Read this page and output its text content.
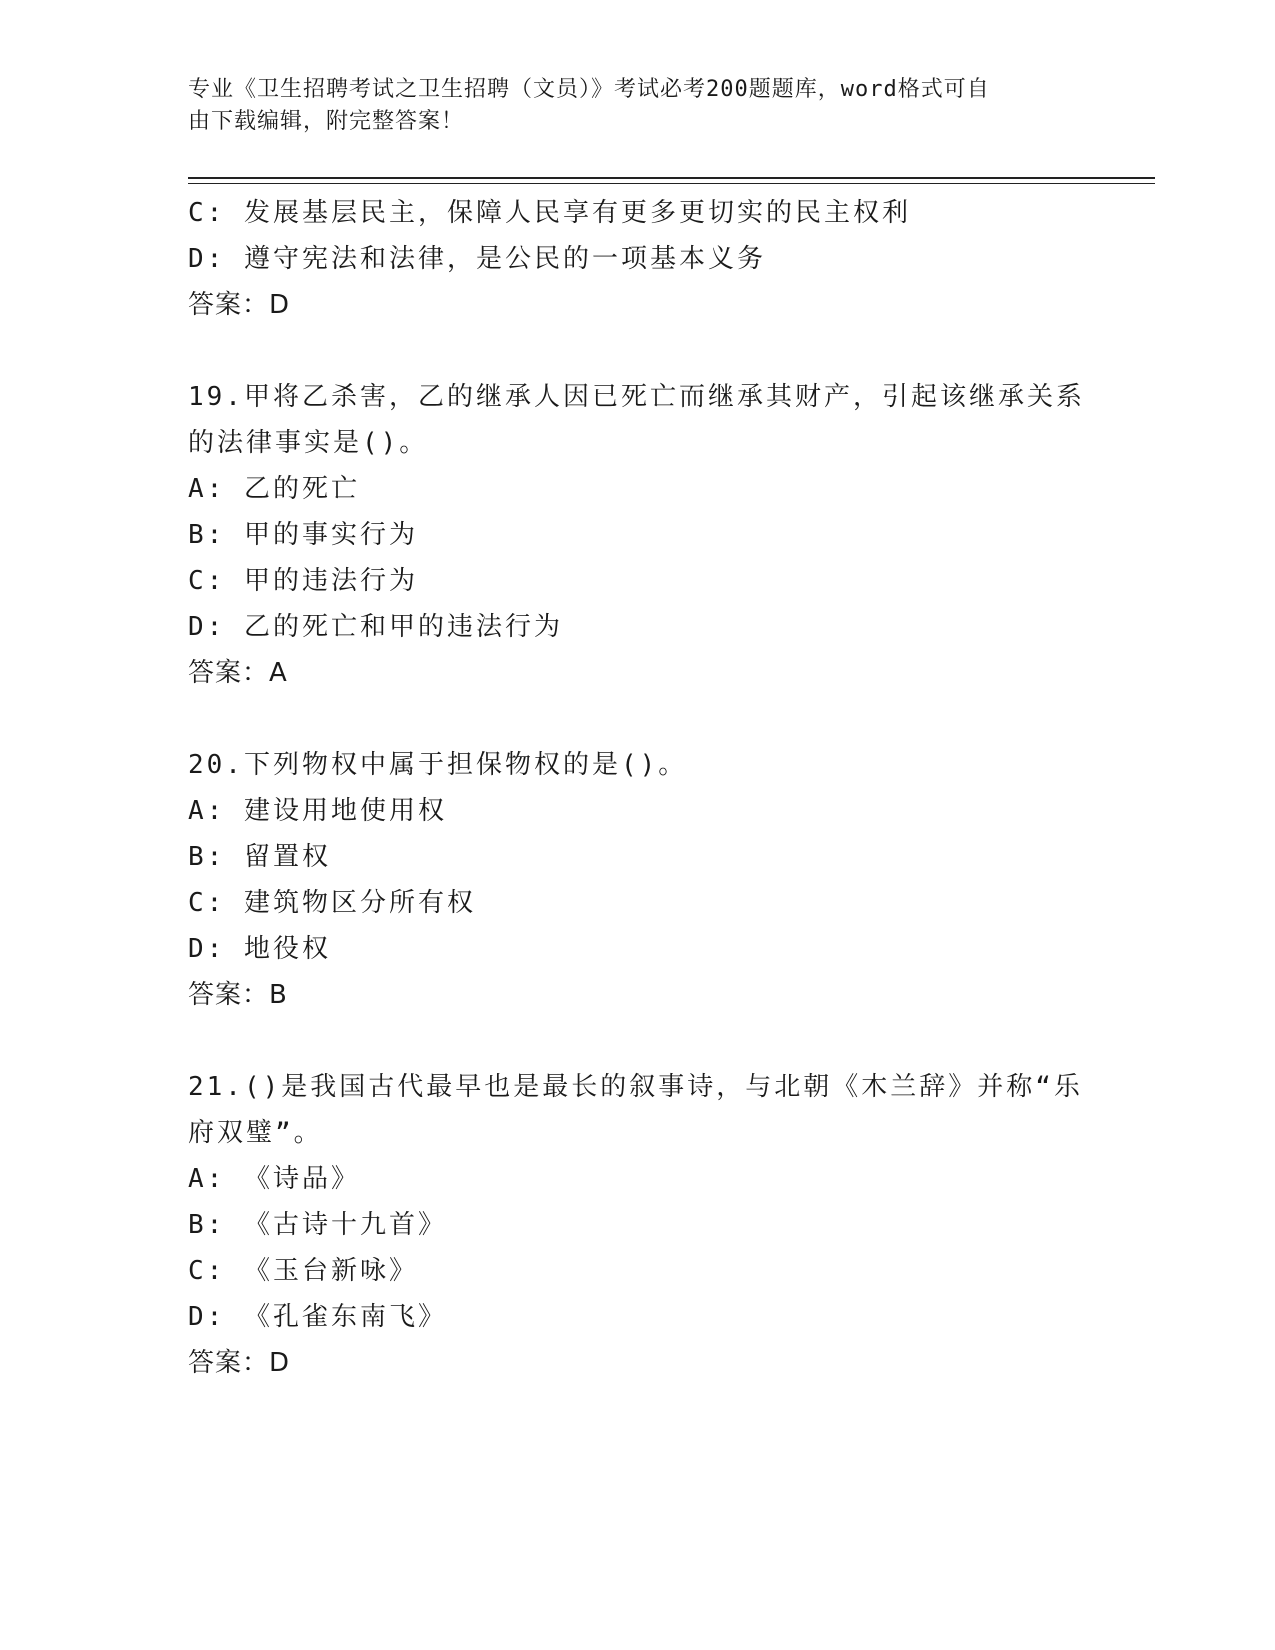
专业《卫生招聘考试之卫生招聘（文员）》考试必考200题题库，word格式可自
由下载编辑，附完整答案！
C: 发展基层民主，保障人民享有更多更切实的民主权利
D: 遵守宪法和法律，是公民的一项基本义务
答案：D
19.甲将乙杀害，乙的继承人因已死亡而继承其财产，引起该继承关系
的法律事实是()。
A: 乙的死亡
B: 甲的事实行为
C: 甲的违法行为
D: 乙的死亡和甲的违法行为
答案：A
20.下列物权中属于担保物权的是()。
A: 建设用地使用权
B: 留置权
C: 建筑物区分所有权
D: 地役权
答案：B
21.()是我国古代最早也是最长的叙事诗，与北朝《木兰辞》并称“乐
府双璧”。
A: 《诗品》
B: 《古诗十九首》
C: 《玉台新咏》
D: 《孔雀东南飞》
答案：D
